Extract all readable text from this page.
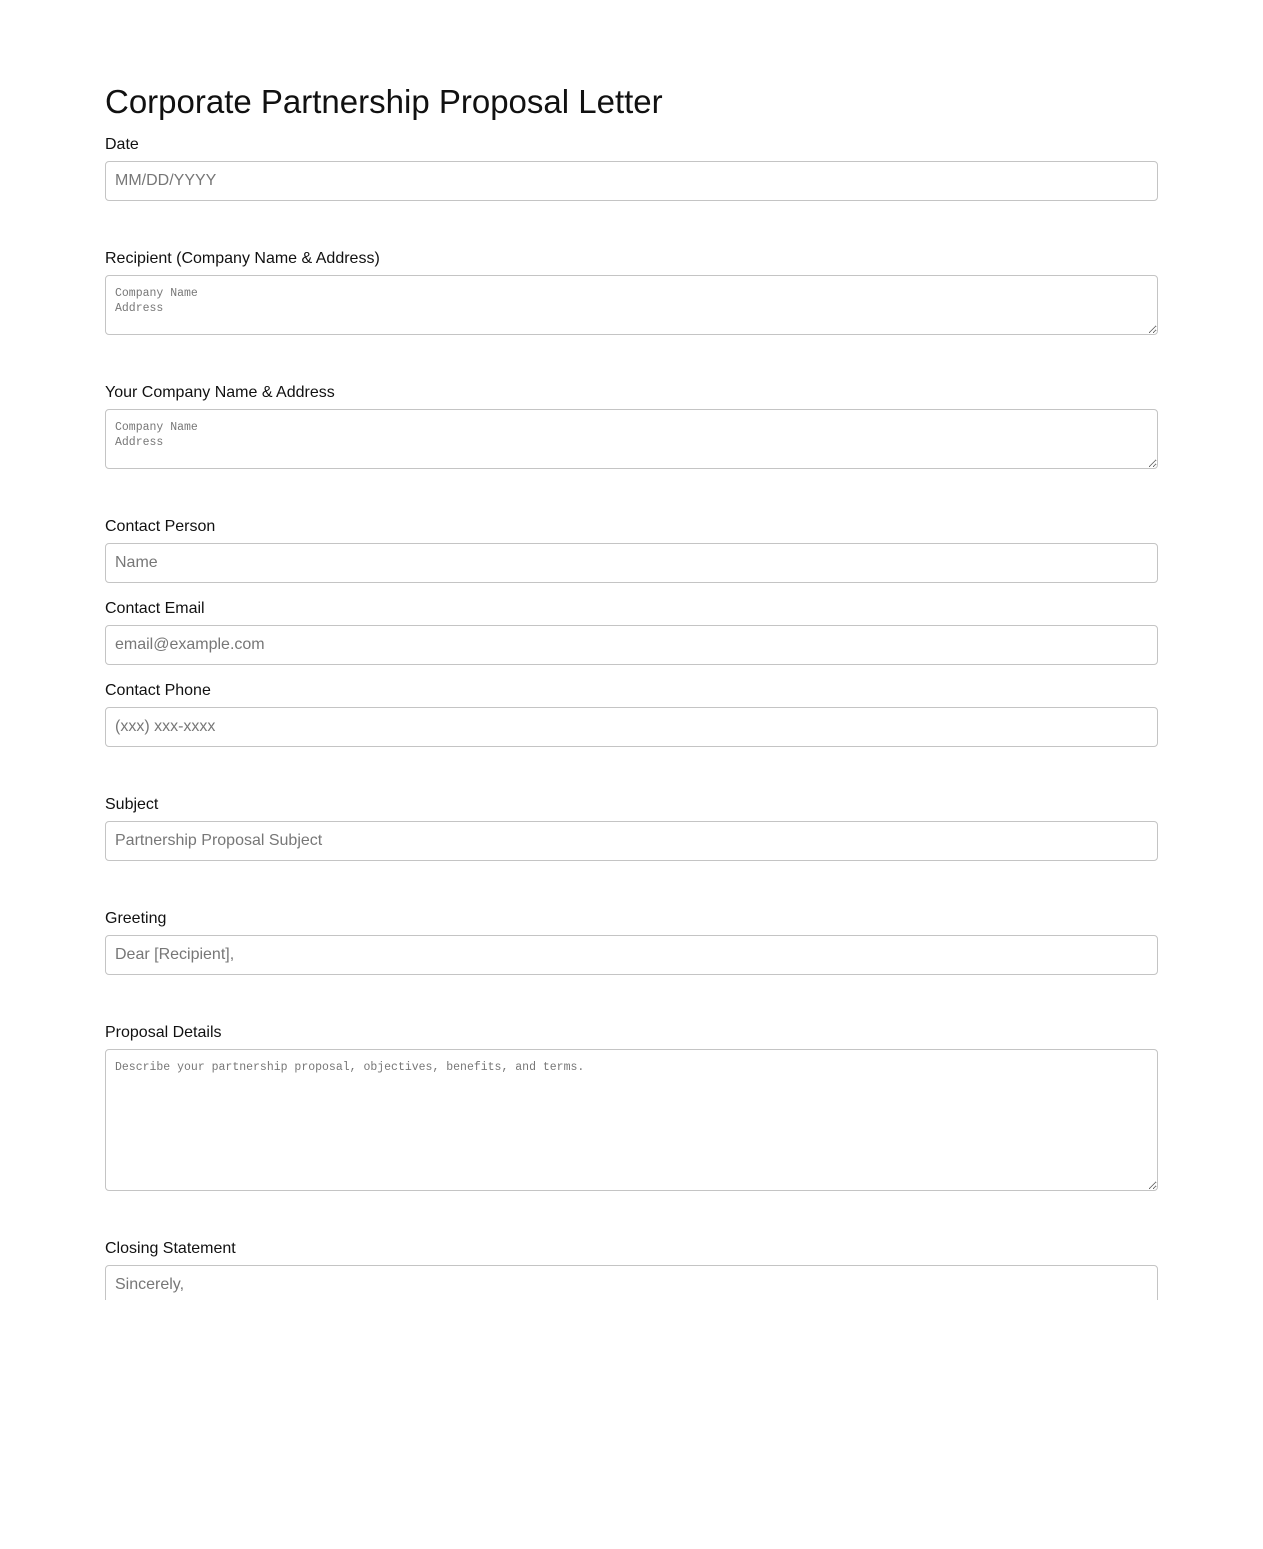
Corporate Partnership Proposal Letter
Date
MM/DD/YYYY
Recipient (Company Name & Address)
Company Name Address
Your Company Name & Address
Company Name Address
Contact Person
Name
Contact Email
email@example.com
Contact Phone
(xxx) xxx-xxxx
Subject
Partnership Proposal Subject
Greeting
Dear [Recipient],
Proposal Details
Describe your partnership proposal, objectives, benefits, and terms.
Closing Statement
Sincerely,
